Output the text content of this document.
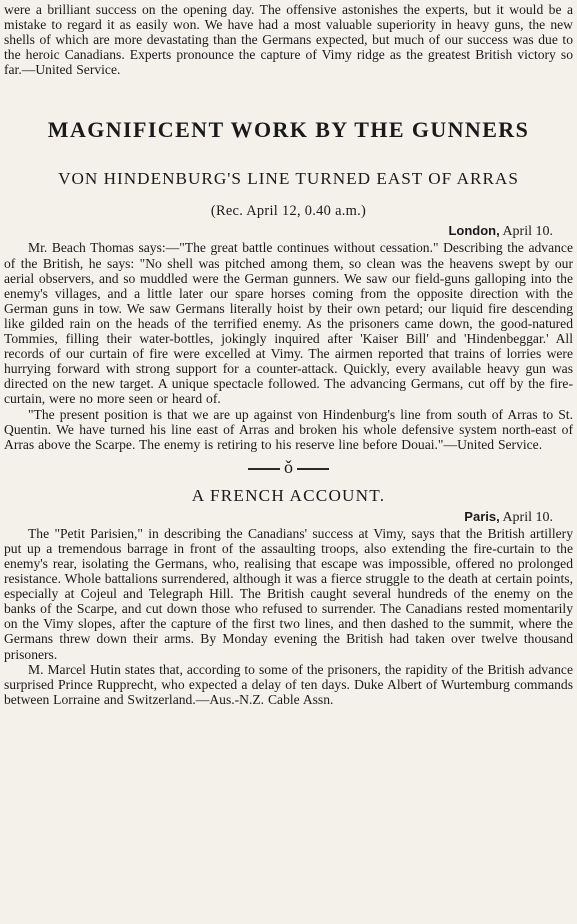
were a brilliant success on the opening day. The offensive astonishes the experts, but it would be a mistake to regard it as easily won. We have had a most valuable superiority in heavy guns, the new shells of which are more devastating than the Germans expected, but much of our success was due to the heroic Canadians. Experts pronounce the capture of Vimy ridge as the greatest British victory so far.—United Service.

MAGNIFICENT WORK BY THE GUNNERS
VON HINDENBURG'S LINE TURNED EAST OF ARRAS

(Rec. April 12, 0.40 a.m.)

London, April 10.

Mr. Beach Thomas says:—"The great battle continues without cessation." Describing the advance of the British, he says: "No shell was pitched among them, so clean was the heavens swept by our aerial observers, and so muddled were the German gunners. We saw our field-guns galloping into the enemy's villages, and a little later our spare horses coming from the opposite direction with the German guns in tow. We saw Germans literally hoist by their own petard; our liquid fire descending like gilded rain on the heads of the terrified enemy. As the prisoners came down, the good-natured Tommies, filling their water-bottles, jokingly inquired after 'Kaiser Bill' and 'Hindenbeggar.' All records of our curtain of fire were excelled at Vimy. The airmen reported that trains of lorries were hurrying forward with strong support for a counter-attack. Quickly, every available heavy gun was directed on the new target. A unique spectacle followed. The advancing Germans, cut off by the fire-curtain, were no more seen or heard of.

"The present position is that we are up against von Hindenburg's line from south of Arras to St. Quentin. We have turned his line east of Arras and broken his whole defensive system north-east of Arras above the Scarpe. The enemy is retiring to his reserve line before Douai."—United Service.

ǒ
A FRENCH ACCOUNT.

Paris, April 10.

The "Petit Parisien," in describing the Canadians' success at Vimy, says that the British artillery put up a tremendous barrage in front of the assaulting troops, also extending the fire-curtain to the enemy's rear, isolating the Germans, who, realising that escape was impossible, offered no prolonged resistance. Whole battalions surrendered, although it was a fierce struggle to the death at certain points, especially at Cojeul and Telegraph Hill. The British caught several hundreds of the enemy on the banks of the Scarpe, and cut down those who refused to surrender. The Canadians rested momentarily on the Vimy slopes, after the capture of the first two lines, and then dashed to the summit, where the Germans threw down their arms. By Monday evening the British had taken over twelve thousand prisoners.

M. Marcel Hutin states that, according to some of the prisoners, the rapidity of the British advance surprised Prince Rupprecht, who expected a delay of ten days. Duke Albert of Wurtemburg commands between Lorraine and Switzerland.—Aus.-N.Z. Cable Assn.
